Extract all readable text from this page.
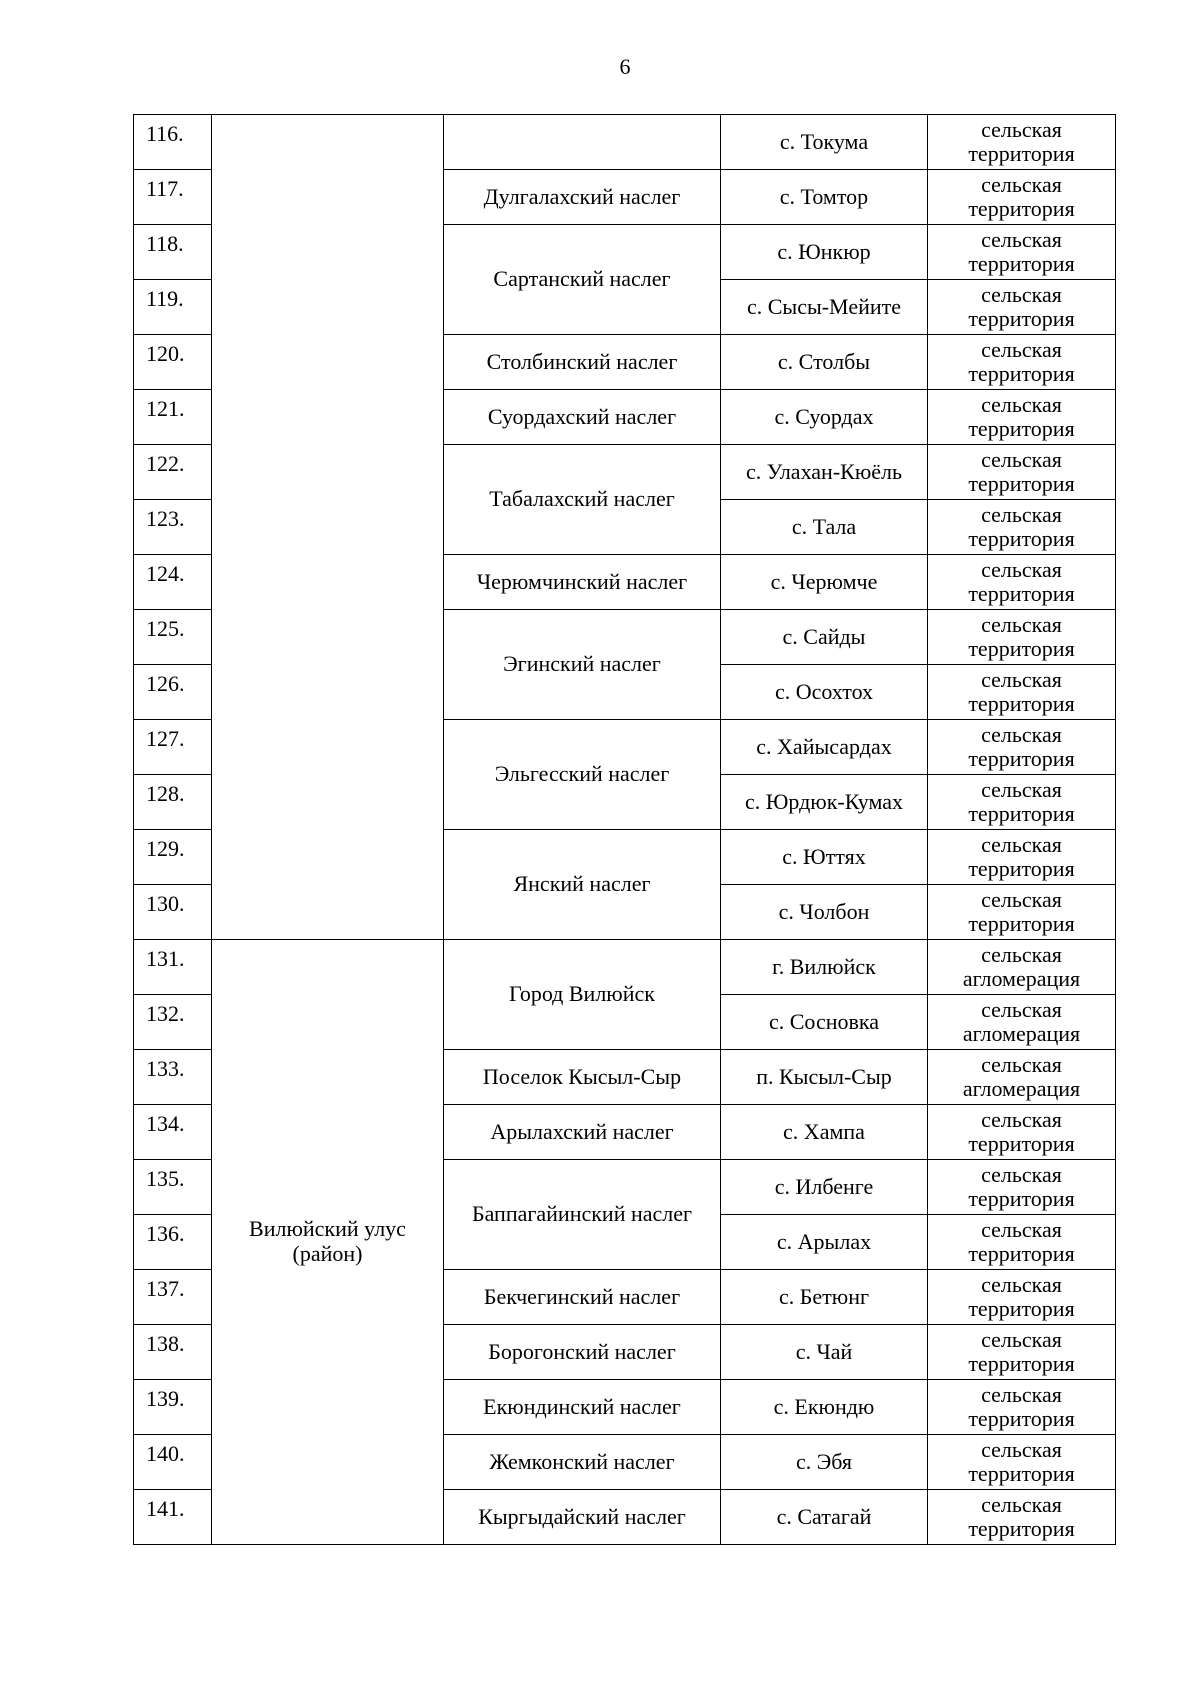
6
116.			с. Токума	сельская
территория

117.		Дулгалахский наслег	с. Томтор	сельская
территория

118.		Сартанский наслег	с. Юнкюр	сельская
территория

119.			с. Сысы-Мейите	сельская
территория

120.		Столбинский наслег	с. Столбы	сельская
территория

121.		Суордахский наслег	с. Суордах	сельская
территория

122.		Табалахский наслег	с. Улахан-Кюёль	сельская
территория

123.			с. Тала	сельская
территория

124.		Черюмчинский наслег	с. Черюмче	сельская
территория

125.		Эгинский наслег	с. Сайды	сельская
территория

126.			с. Осохтох	сельская
территория

127.		Эльгесский наслег	с. Хайысардах	сельская
территория

128.			с. Юрдюк-Кумах	сельская
территория

129.		Янский наслег	с. Юттях	сельская
территория

130.			с. Чолбон	сельская
территория

131.	Вилюйский улус
(район)	Город Вилюйск	г. Вилюйск	сельская
агломерация

132.			с. Сосновка	сельская
агломерация

133.		Поселок Кысыл-Сыр	п. Кысыл-Сыр	сельская
агломерация

134.		Арылахский наслег	с. Хампа	сельская
территория

135.		Баппагайинский наслег	с. Илбенге	сельская
территория

136.			с. Арылах	сельская
территория

137.		Бекчегинский наслег	с. Бетюнг	сельская
территория

138.		Борогонский наслег	с. Чай	сельская
территория

139.		Екюндинский наслег	с. Екюндю	сельская
территория

140.		Жемконский наслег	с. Эбя	сельская
территория

141.		Кыргыдайский наслег	с. Сатагай	сельская
территория
